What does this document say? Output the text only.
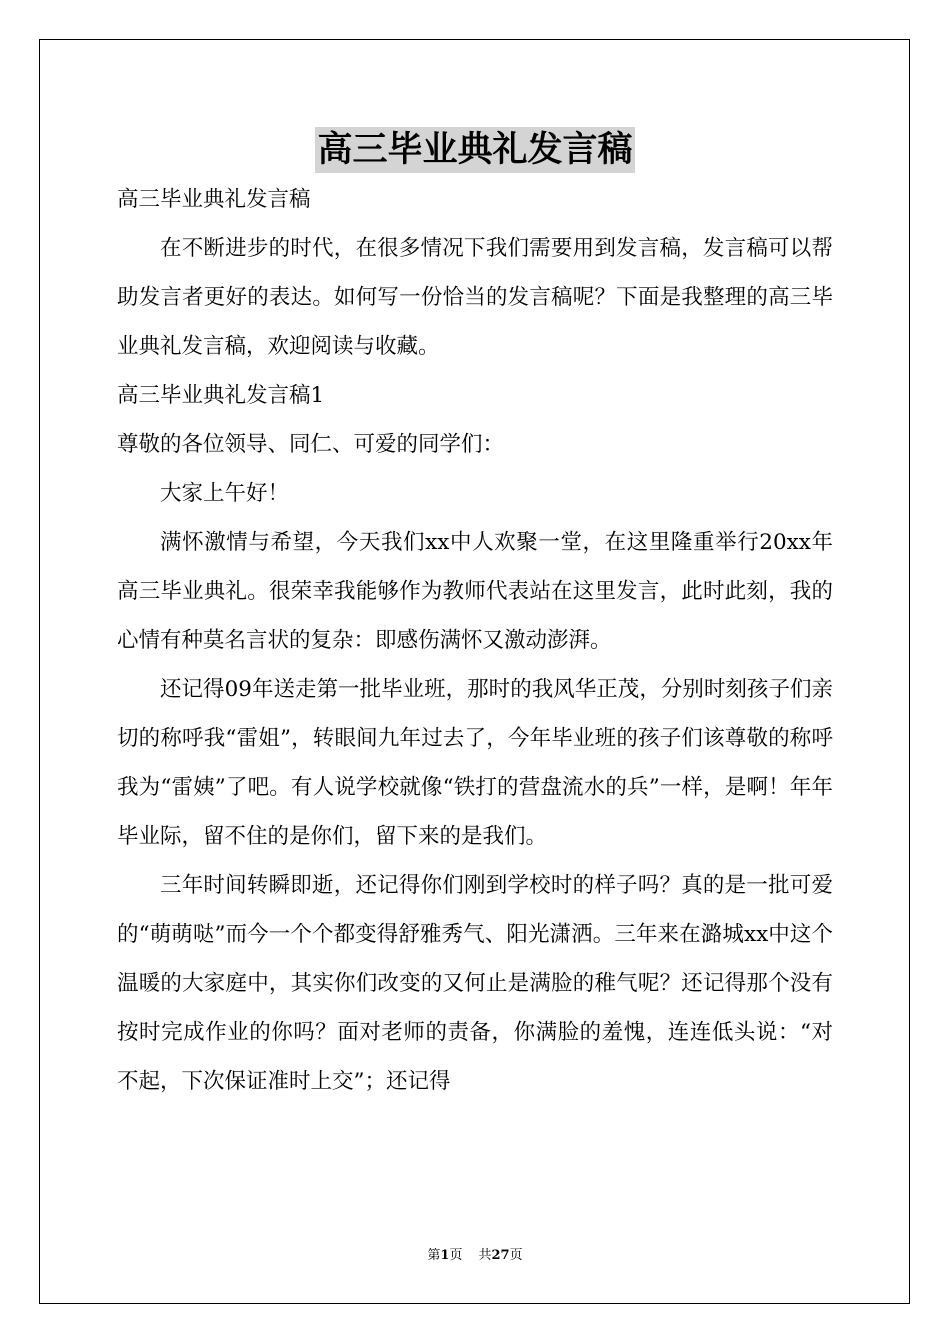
高三毕业典礼发言稿

高三毕业典礼发言稿

在不断进步的时代，在很多情况下我们需要用到发言稿，发言稿可以帮助发言者更好的表达。如何写一份恰当的发言稿呢？下面是我整理的高三毕业典礼发言稿，欢迎阅读与收藏。

高三毕业典礼发言稿1

尊敬的各位领导、同仁、可爱的同学们：

大家上午好！

满怀激情与希望，今天我们xx中人欢聚一堂，在这里隆重举行20xx年高三毕业典礼。很荣幸我能够作为教师代表站在这里发言，此时此刻，我的心情有种莫名言状的复杂：即感伤满怀又激动澎湃。

还记得09年送走第一批毕业班，那时的我风华正茂，分别时刻孩子们亲切的称呼我“雷姐”，转眼间九年过去了，今年毕业班的孩子们该尊敬的称呼我为“雷姨”了吧。有人说学校就像“铁打的营盘流水的兵”一样，是啊！年年毕业际，留不住的是你们，留下来的是我们。

三年时间转瞬即逝，还记得你们刚到学校时的样子吗？真的是一批可爱的“萌萌哒”而今一个个都变得舒雅秀气、阳光潇洒。三年来在潞城xx中这个温暖的大家庭中，其实你们改变的又何止是满脸的稚气呢？还记得那个没有按时完成作业的你吗？面对老师的责备，你满脸的羞愧，连连低头说：“对不起，下次保证准时上交”；还记得

第1页 共27页
